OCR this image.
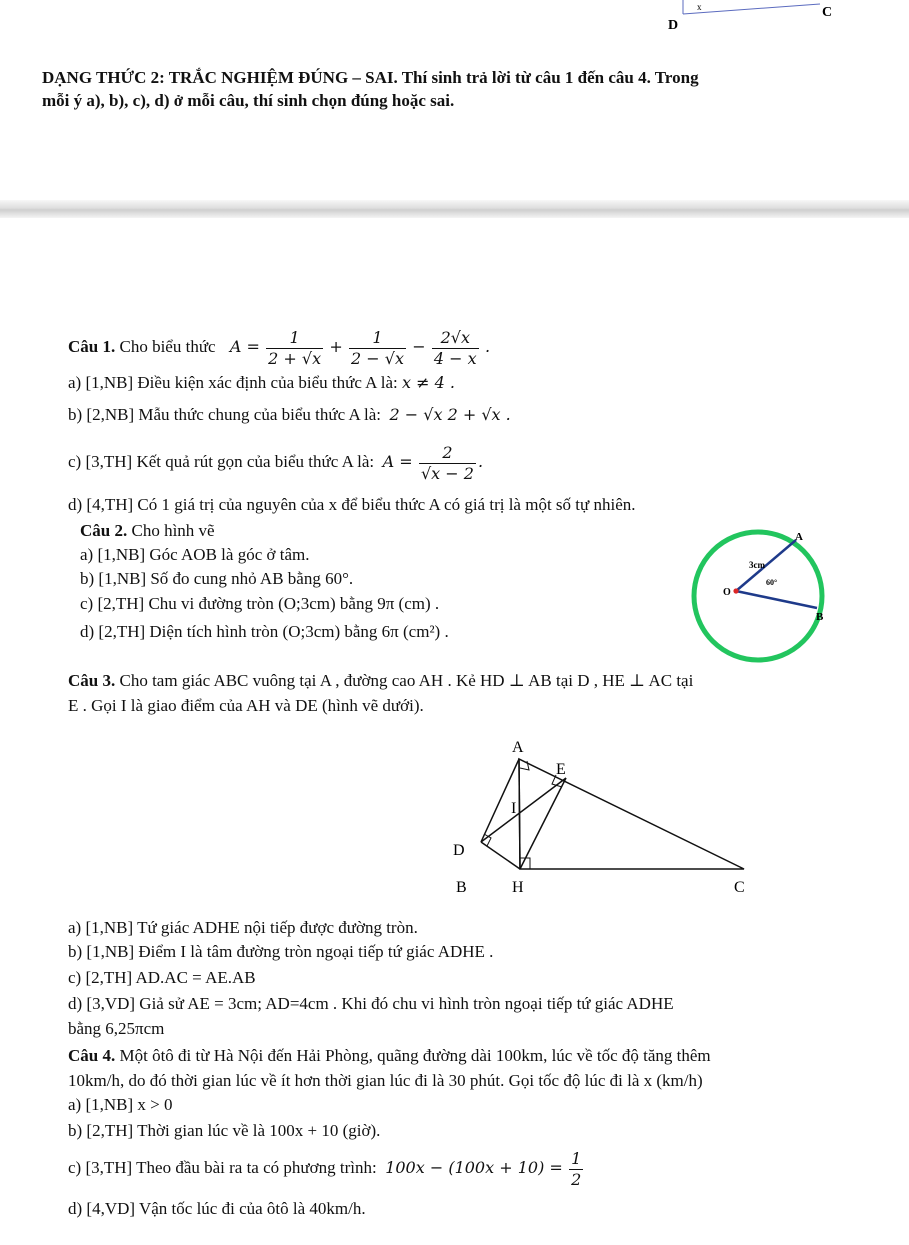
D
C
x
DẠNG THỨC 2: TRẮC NGHIỆM ĐÚNG – SAI. Thí sinh trả lời từ câu 1 đến câu 4. Trong
mỗi ý a), b), c), d) ở mỗi câu, thí sinh chọn đúng hoặc sai.
Câu 1. Cho biểu thức $A = \frac{1}{2 + √x} + \frac{1}{2 - √x} - \frac{2√x}{4 - x}$ .
a) [1,NB] Điều kiện xác định của biểu thức A là: x ≠ 4 .
b) [2,NB] Mẫu thức chung của biểu thức A là: 2 − √x 2 + √x .
c) [3,TH] Kết quả rút gọn của biểu thức A là: $A = \frac{2}{√x - 2}$ .
d) [4,TH] Có 1 giá trị của nguyên của x để biểu thức A có giá trị là một số tự nhiên.
Câu 2. Cho hình vẽ
a) [1,NB] Góc AOB là góc ở tâm.
b) [1,NB] Số đo cung nhỏ AB bằng 60°.
c) [2,TH] Chu vi đường tròn (O;3cm) bằng 9π (cm) .
d) [2,TH] Diện tích hình tròn (O;3cm) bằng 6π (cm²) .
A
B
O
3cm
60°
Câu 3. Cho tam giác ABC vuông tại A , đường cao AH . Kẻ HD ⊥ AB tại D , HE ⊥ AC tại
E . Gọi I là giao điểm của AH và DE (hình vẽ dưới).
A
E
I
D
B	H	C
a) [1,NB] Tứ giác ADHE nội tiếp được đường tròn.
b) [1,NB] Điểm I là tâm đường tròn ngoại tiếp tứ giác ADHE .
c) [2,TH] AD.AC = AE.AB
d) [3,VD] Giả sử AE = 3cm; AD=4cm . Khi đó chu vi hình tròn ngoại tiếp tứ giác ADHE
bằng 6,25πcm
Câu 4. Một ôtô đi từ Hà Nội đến Hải Phòng, quãng đường dài 100km, lúc về tốc độ tăng thêm
10km/h, do đó thời gian lúc về ít hơn thời gian lúc đi là 30 phút. Gọi tốc độ lúc đi là x (km/h)
a) [1,NB] x > 0
b) [2,TH] Thời gian lúc về là 100x + 10 (giờ).
c) [3,TH] Theo đầu bài ra ta có phương trình: $100x - (100x + 10) = \frac{1}{2}$
d) [4,VD] Vận tốc lúc đi của ôtô là 40km/h.
